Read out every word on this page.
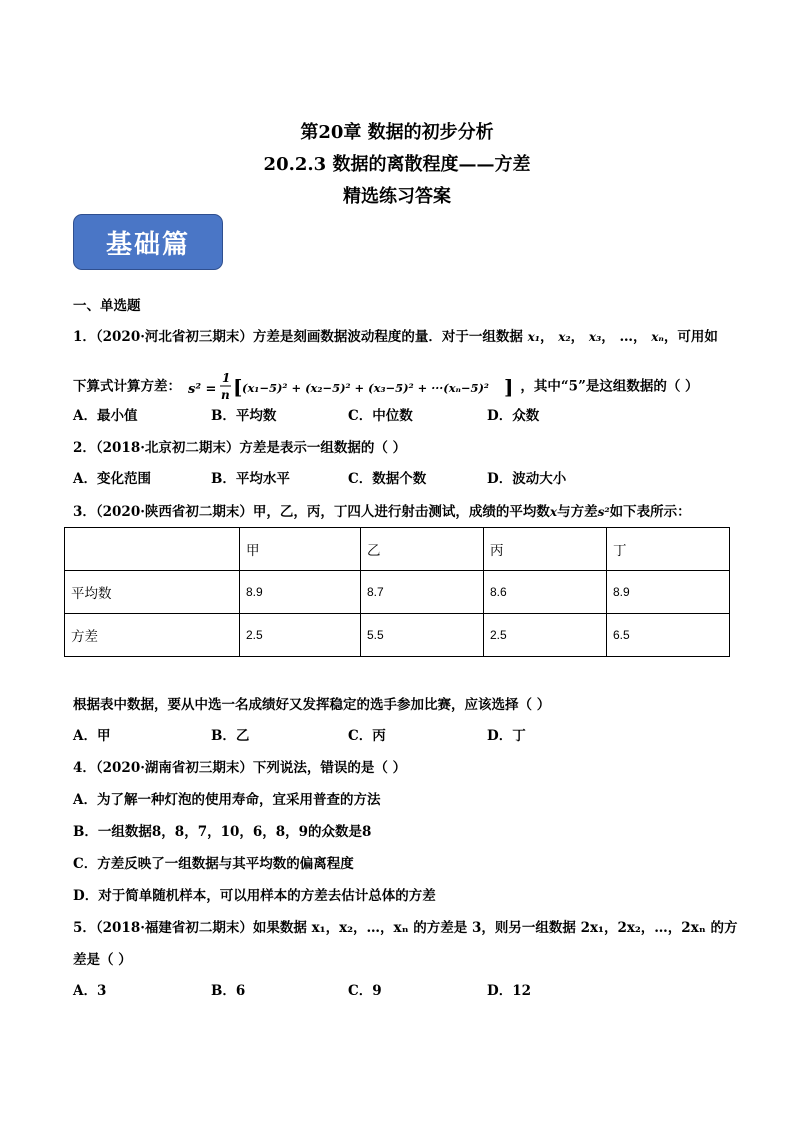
第20章 数据的初步分析
20.2.3 数据的离散程度——方差
精选练习答案
基础篇
一、单选题
1．（2020·河北省初三期末）方差是刻画数据波动程度的量．对于一组数据 x₁， x₂， x₃， …， xₙ，可用如
下算式计算方差： s² =
1
n [ (x₁−5)² + (x₂−5)² + (x₃−5)² + ···(xₙ−5)² ] ，其中“5”是这组数据的（ ）
A．最小值	B．平均数	C．中位数	D．众数
2．（2018·北京初二期末）方差是表示一组数据的（ ）
A．变化范围	B．平均水平	C．数据个数	D．波动大小
3．（2020·陕西省初二期末）甲，乙，丙，丁四人进行射击测试，成绩的平均数x与方差s²如下表所示：
	甲	乙	丙	丁
平均数	8.9	8.7	8.6	8.9
方差	2.5	5.5	2.5	6.5
根据表中数据，要从中选一名成绩好又发挥稳定的选手参加比赛，应该选择（ ）
A．甲	B．乙	C．丙	D．丁
4．（2020·湖南省初三期末）下列说法，错误的是（ ）
A．为了解一种灯泡的使用寿命，宜采用普查的方法
B．一组数据8，8，7，10，6，8，9的众数是8
C．方差反映了一组数据与其平均数的偏离程度
D．对于简单随机样本，可以用样本的方差去估计总体的方差
5．（2018·福建省初二期末）如果数据 x₁，x₂，…，xₙ 的方差是 3，则另一组数据 2x₁，2x₂，…，2xₙ 的方
差是（ ）
A．3	B．6	C．9	D．12
